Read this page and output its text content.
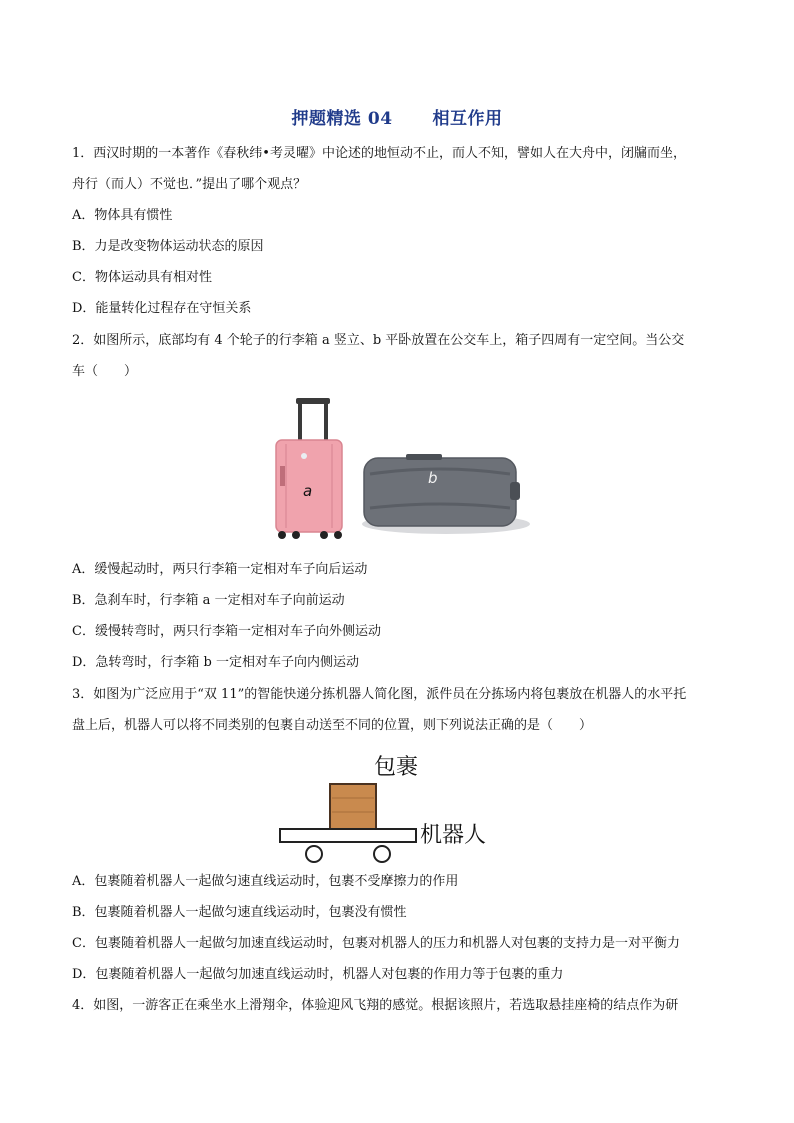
押题精选 04 相互作用
1．西汉时期的一本著作《春秋纬•考灵曜》中论述的地恒动不止，而人不知，譬如人在大舟中，闭牖而坐，
舟行（而人）不觉也．”提出了哪个观点？
A．物体具有惯性
B．力是改变物体运动状态的原因
C．物体运动具有相对性
D．能量转化过程存在守恒关系
2．如图所示，底部均有 4 个轮子的行李箱 a 竖立、b 平卧放置在公交车上，箱子四周有一定空间。当公交
车（　　）
a
b
A．缓慢起动时，两只行李箱一定相对车子向后运动
B．急刹车时，行李箱 a 一定相对车子向前运动
C．缓慢转弯时，两只行李箱一定相对车子向外侧运动
D．急转弯时，行李箱 b 一定相对车子向内侧运动
3．如图为广泛应用于“双 11”的智能快递分拣机器人简化图，派件员在分拣场内将包裹放在机器人的水平托
盘上后，机器人可以将不同类别的包裹自动送至不同的位置，则下列说法正确的是（　　）
包裹
机器人
A．包裹随着机器人一起做匀速直线运动时，包裹不受摩擦力的作用
B．包裹随着机器人一起做匀速直线运动时，包裹没有惯性
C．包裹随着机器人一起做匀加速直线运动时，包裹对机器人的压力和机器人对包裹的支持力是一对平衡力
D．包裹随着机器人一起做匀加速直线运动时，机器人对包裹的作用力等于包裹的重力
4．如图，一游客正在乘坐水上滑翔伞，体验迎风飞翔的感觉。根据该照片，若选取悬挂座椅的结点作为研
